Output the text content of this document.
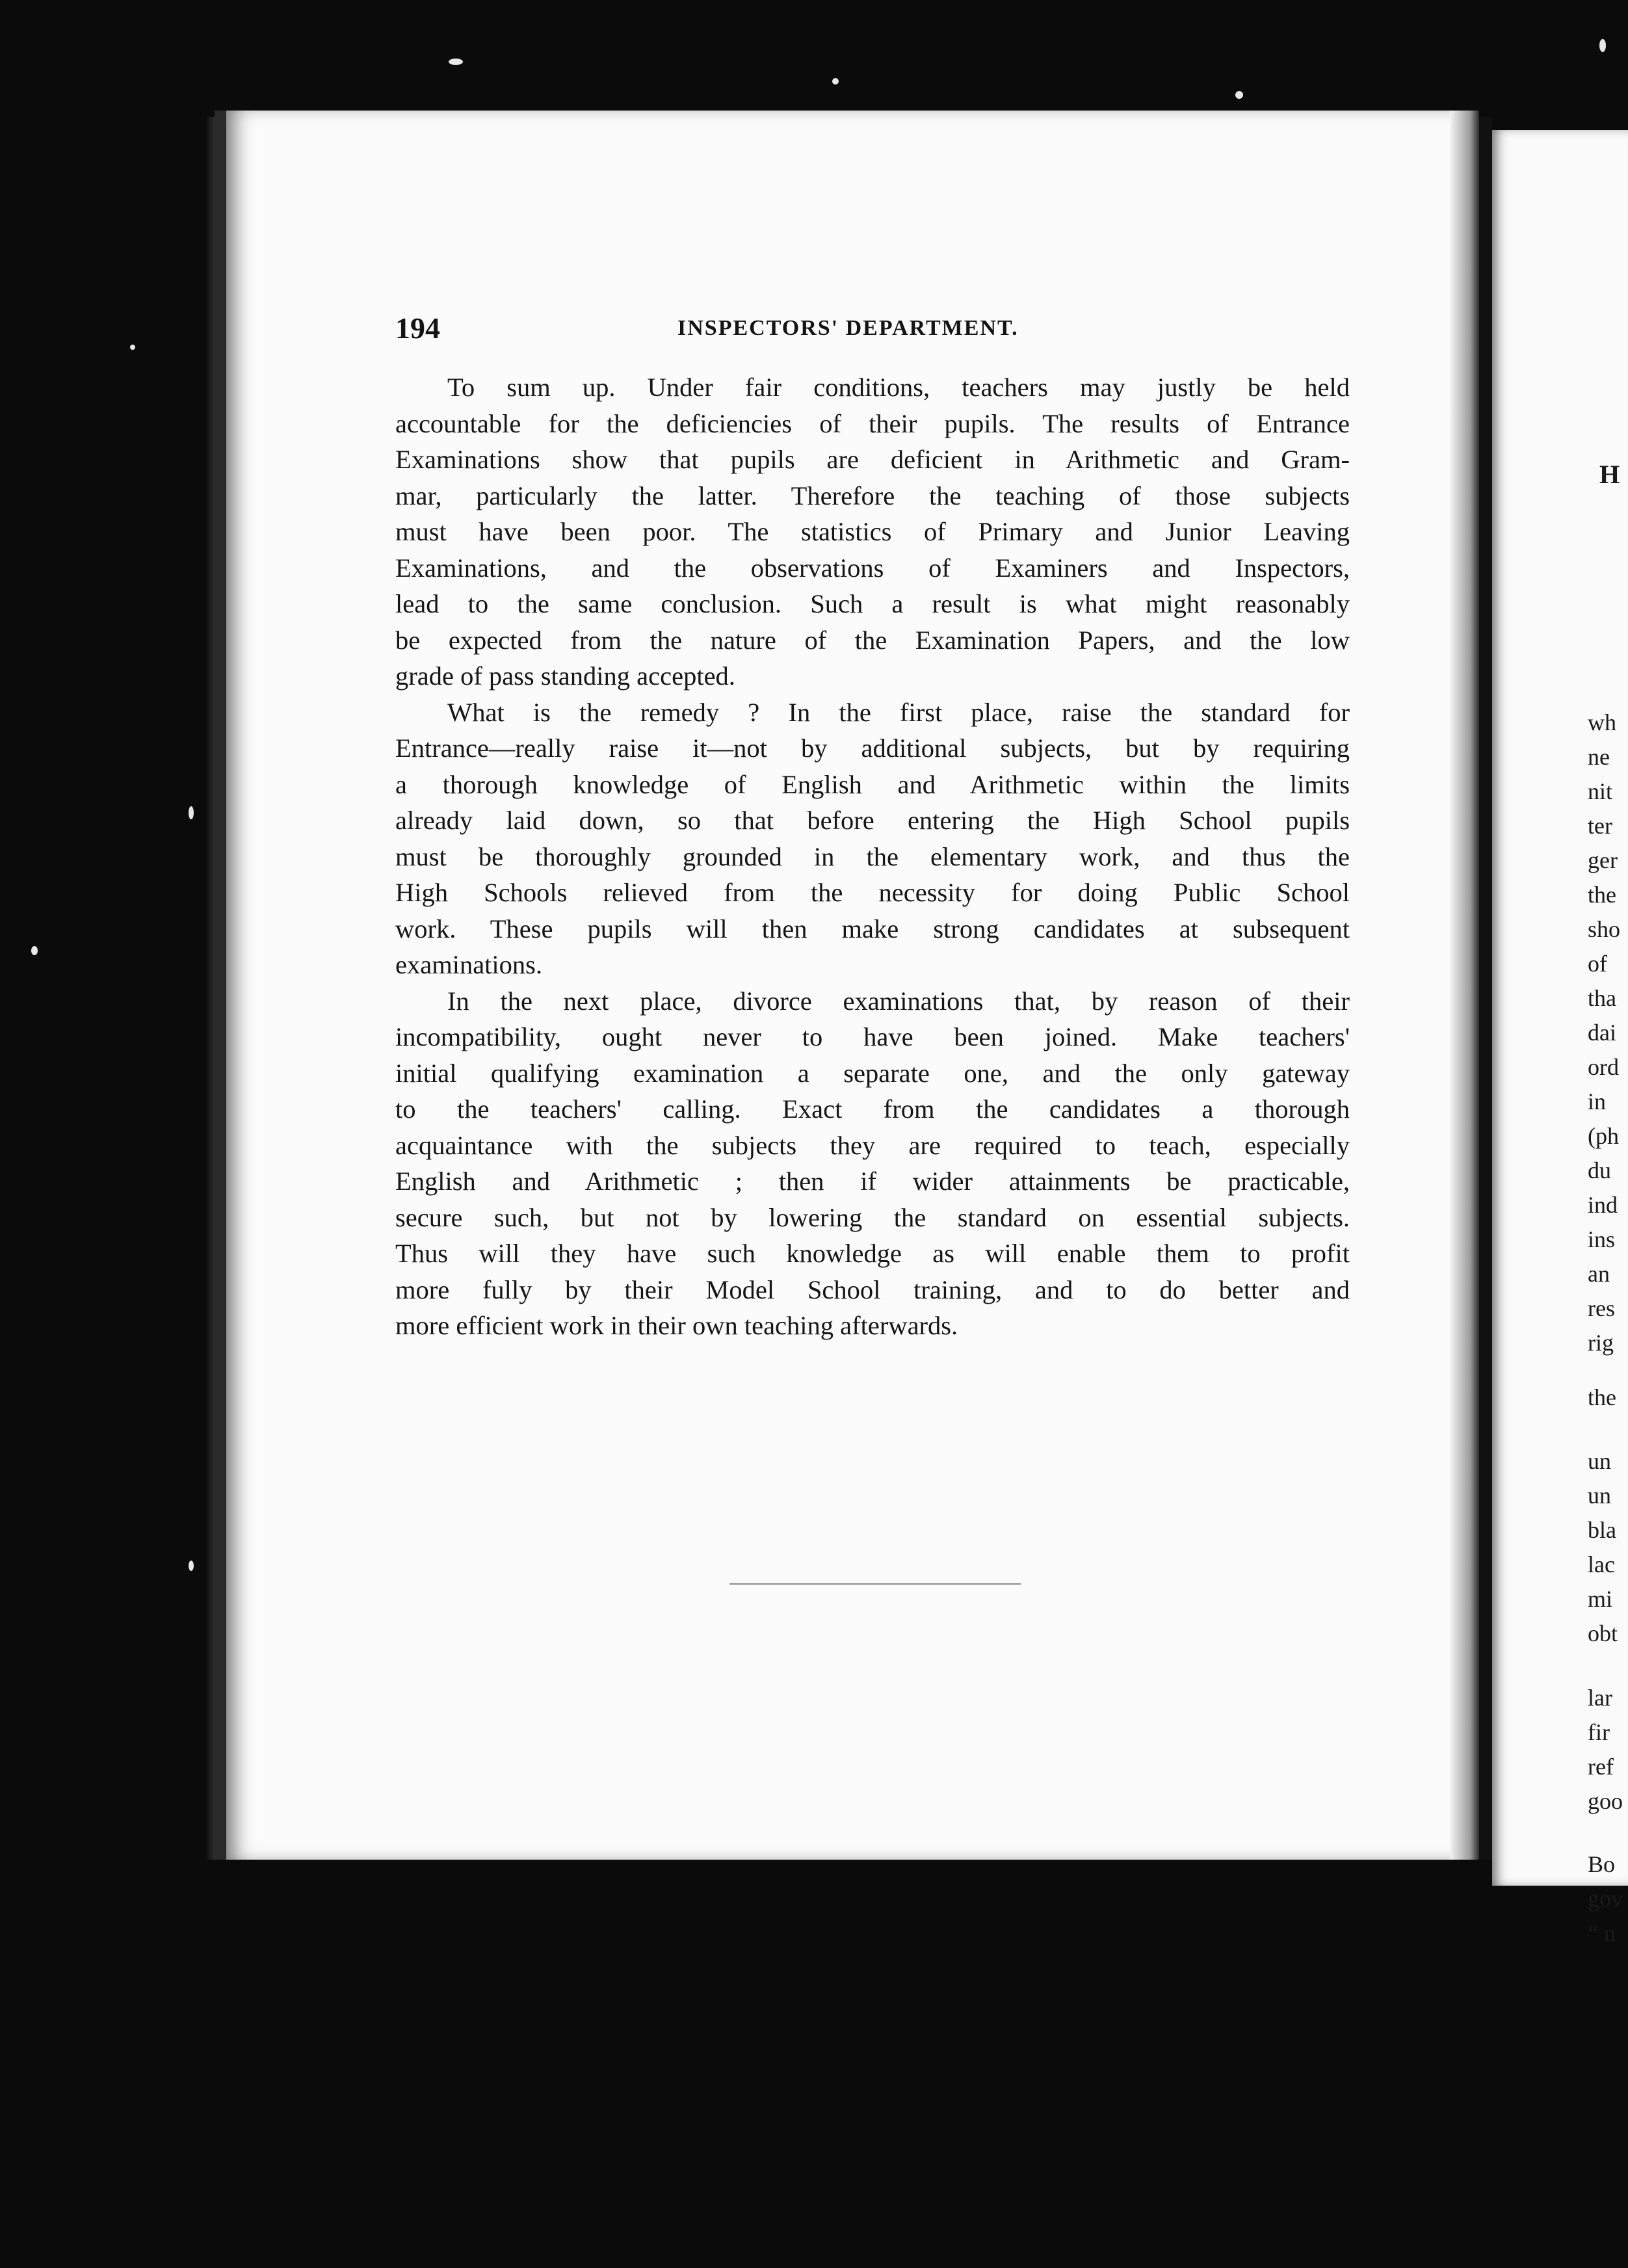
194	INSPECTORS' DEPARTMENT.

To sum up. Under fair conditions, teachers may justly be held
accountable for the deficiencies of their pupils. The results of Entrance
Examinations show that pupils are deficient in Arithmetic and Gram-
mar, particularly the latter. Therefore the teaching of those subjects
must have been poor. The statistics of Primary and Junior Leaving
Examinations, and the observations of Examiners and Inspectors,
lead to the same conclusion. Such a result is what might reasonably
be expected from the nature of the Examination Papers, and the low
grade of pass standing accepted.

What is the remedy ? In the first place, raise the standard for
Entrance—really raise it—not by additional subjects, but by requiring
a thorough knowledge of English and Arithmetic within the limits
already laid down, so that before entering the High School pupils
must be thoroughly grounded in the elementary work, and thus the
High Schools relieved from the necessity for doing Public School
work. These pupils will then make strong candidates at subsequent
examinations.

In the next place, divorce examinations that, by reason of their
incompatibility, ought never to have been joined. Make teachers'
initial qualifying examination a separate one, and the only gateway
to the teachers' calling. Exact from the candidates a thorough
acquaintance with the subjects they are required to teach, especially
English and Arithmetic ; then if wider attainments be practicable,
secure such, but not by lowering the standard on essential subjects.
Thus will they have such knowledge as will enable them to profit
more fully by their Model School training, and to do better and
more efficient work in their own teaching afterwards.

H
wh
ne
nit
ter
ger
the
sho
of
tha
dai
ord
in
(ph
du
ind
ins
an
res
rig
the
un
un
bla
lac
mi
obt
lar
fir
ref
goo
Bo
gov
“ n
